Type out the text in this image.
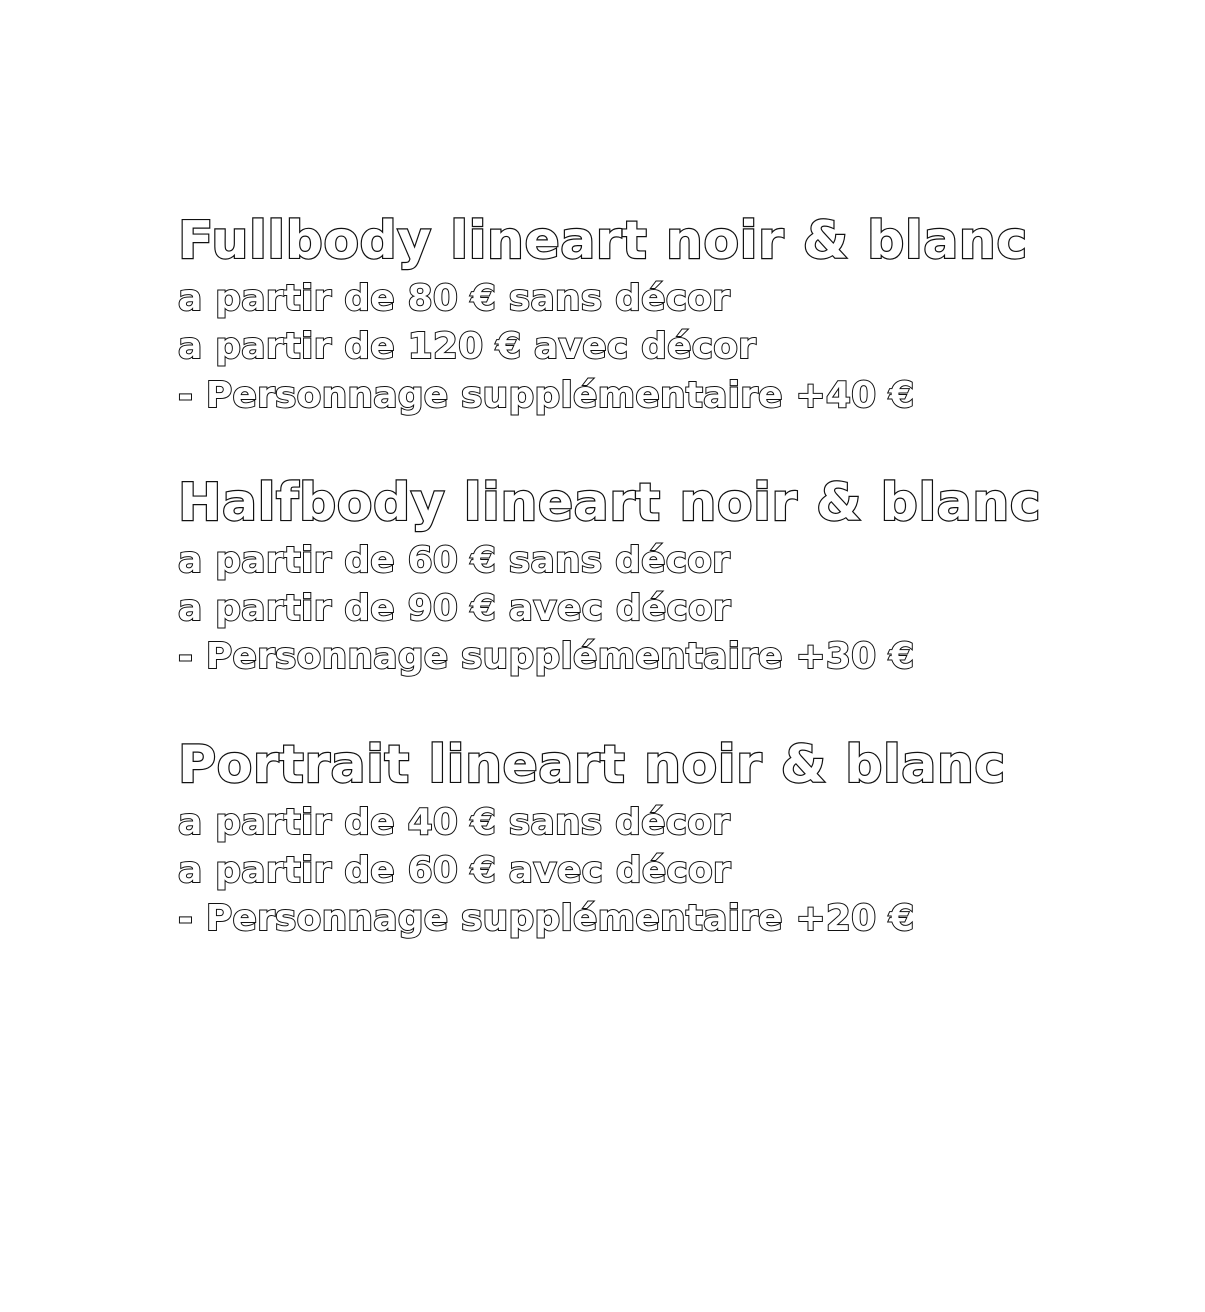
Fullbody lineart noir & blanc

a partir de 80 € sans décor

a partir de 120 € avec décor

- Personnage supplémentaire +40 €

Halfbody lineart noir & blanc

a partir de 60 € sans décor

a partir de 90 € avec décor

- Personnage supplémentaire +30 €

Portrait lineart noir & blanc

a partir de 40 € sans décor

a partir de 60 € avec décor

- Personnage supplémentaire +20 €
